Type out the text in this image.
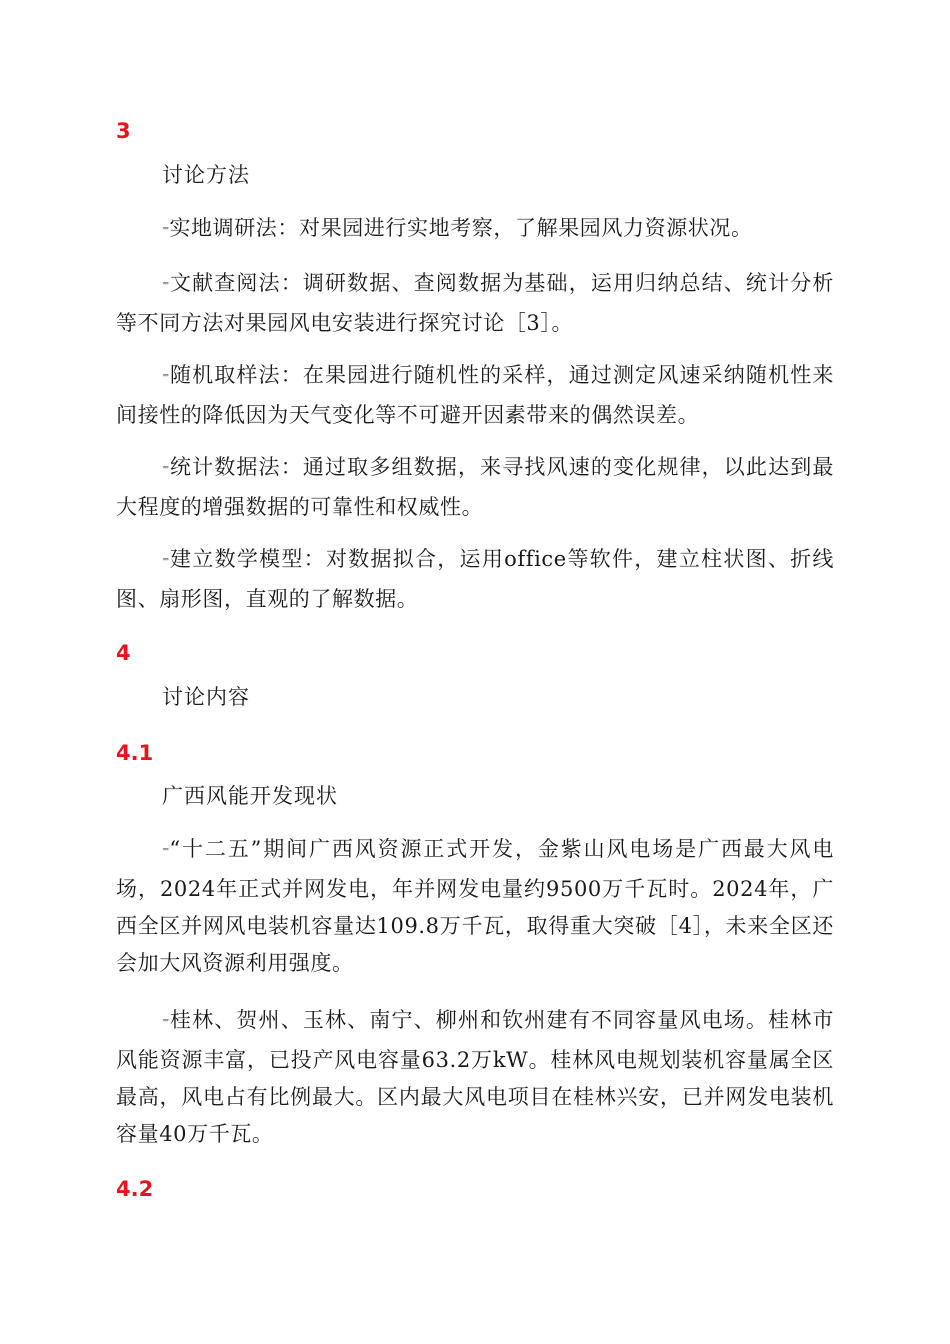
3
讨论方法
⁼实地调研法：对果园进行实地考察，了解果园风力资源状况。
⁼文献查阅法：调研数据、查阅数据为基础，运用归纳总结、统计分析等不同方法对果园风电安装进行探究讨论［3］。
⁼随机取样法：在果园进行随机性的采样，通过测定风速采纳随机性来间接性的降低因为天气变化等不可避开因素带来的偶然误差。
⁼统计数据法：通过取多组数据，来寻找风速的变化规律，以此达到最大程度的增强数据的可靠性和权威性。
⁼建立数学模型：对数据拟合，运用office等软件，建立柱状图、折线图、扇形图，直观的了解数据。
4
讨论内容
4.1
广西风能开发现状
⁼“十二五”期间广西风资源正式开发，金紫山风电场是广西最大风电场，2024年正式并网发电，年并网发电量约9500万千瓦时。2024年，广西全区并网风电装机容量达109.8万千瓦，取得重大突破［4］，未来全区还会加大风资源利用强度。
⁼桂林、贺州、玉林、南宁、柳州和钦州建有不同容量风电场。桂林市风能资源丰富，已投产风电容量63.2万kW。桂林风电规划装机容量属全区最高，风电占有比例最大。区内最大风电项目在桂林兴安，已并网发电装机容量40万千瓦。
4.2
